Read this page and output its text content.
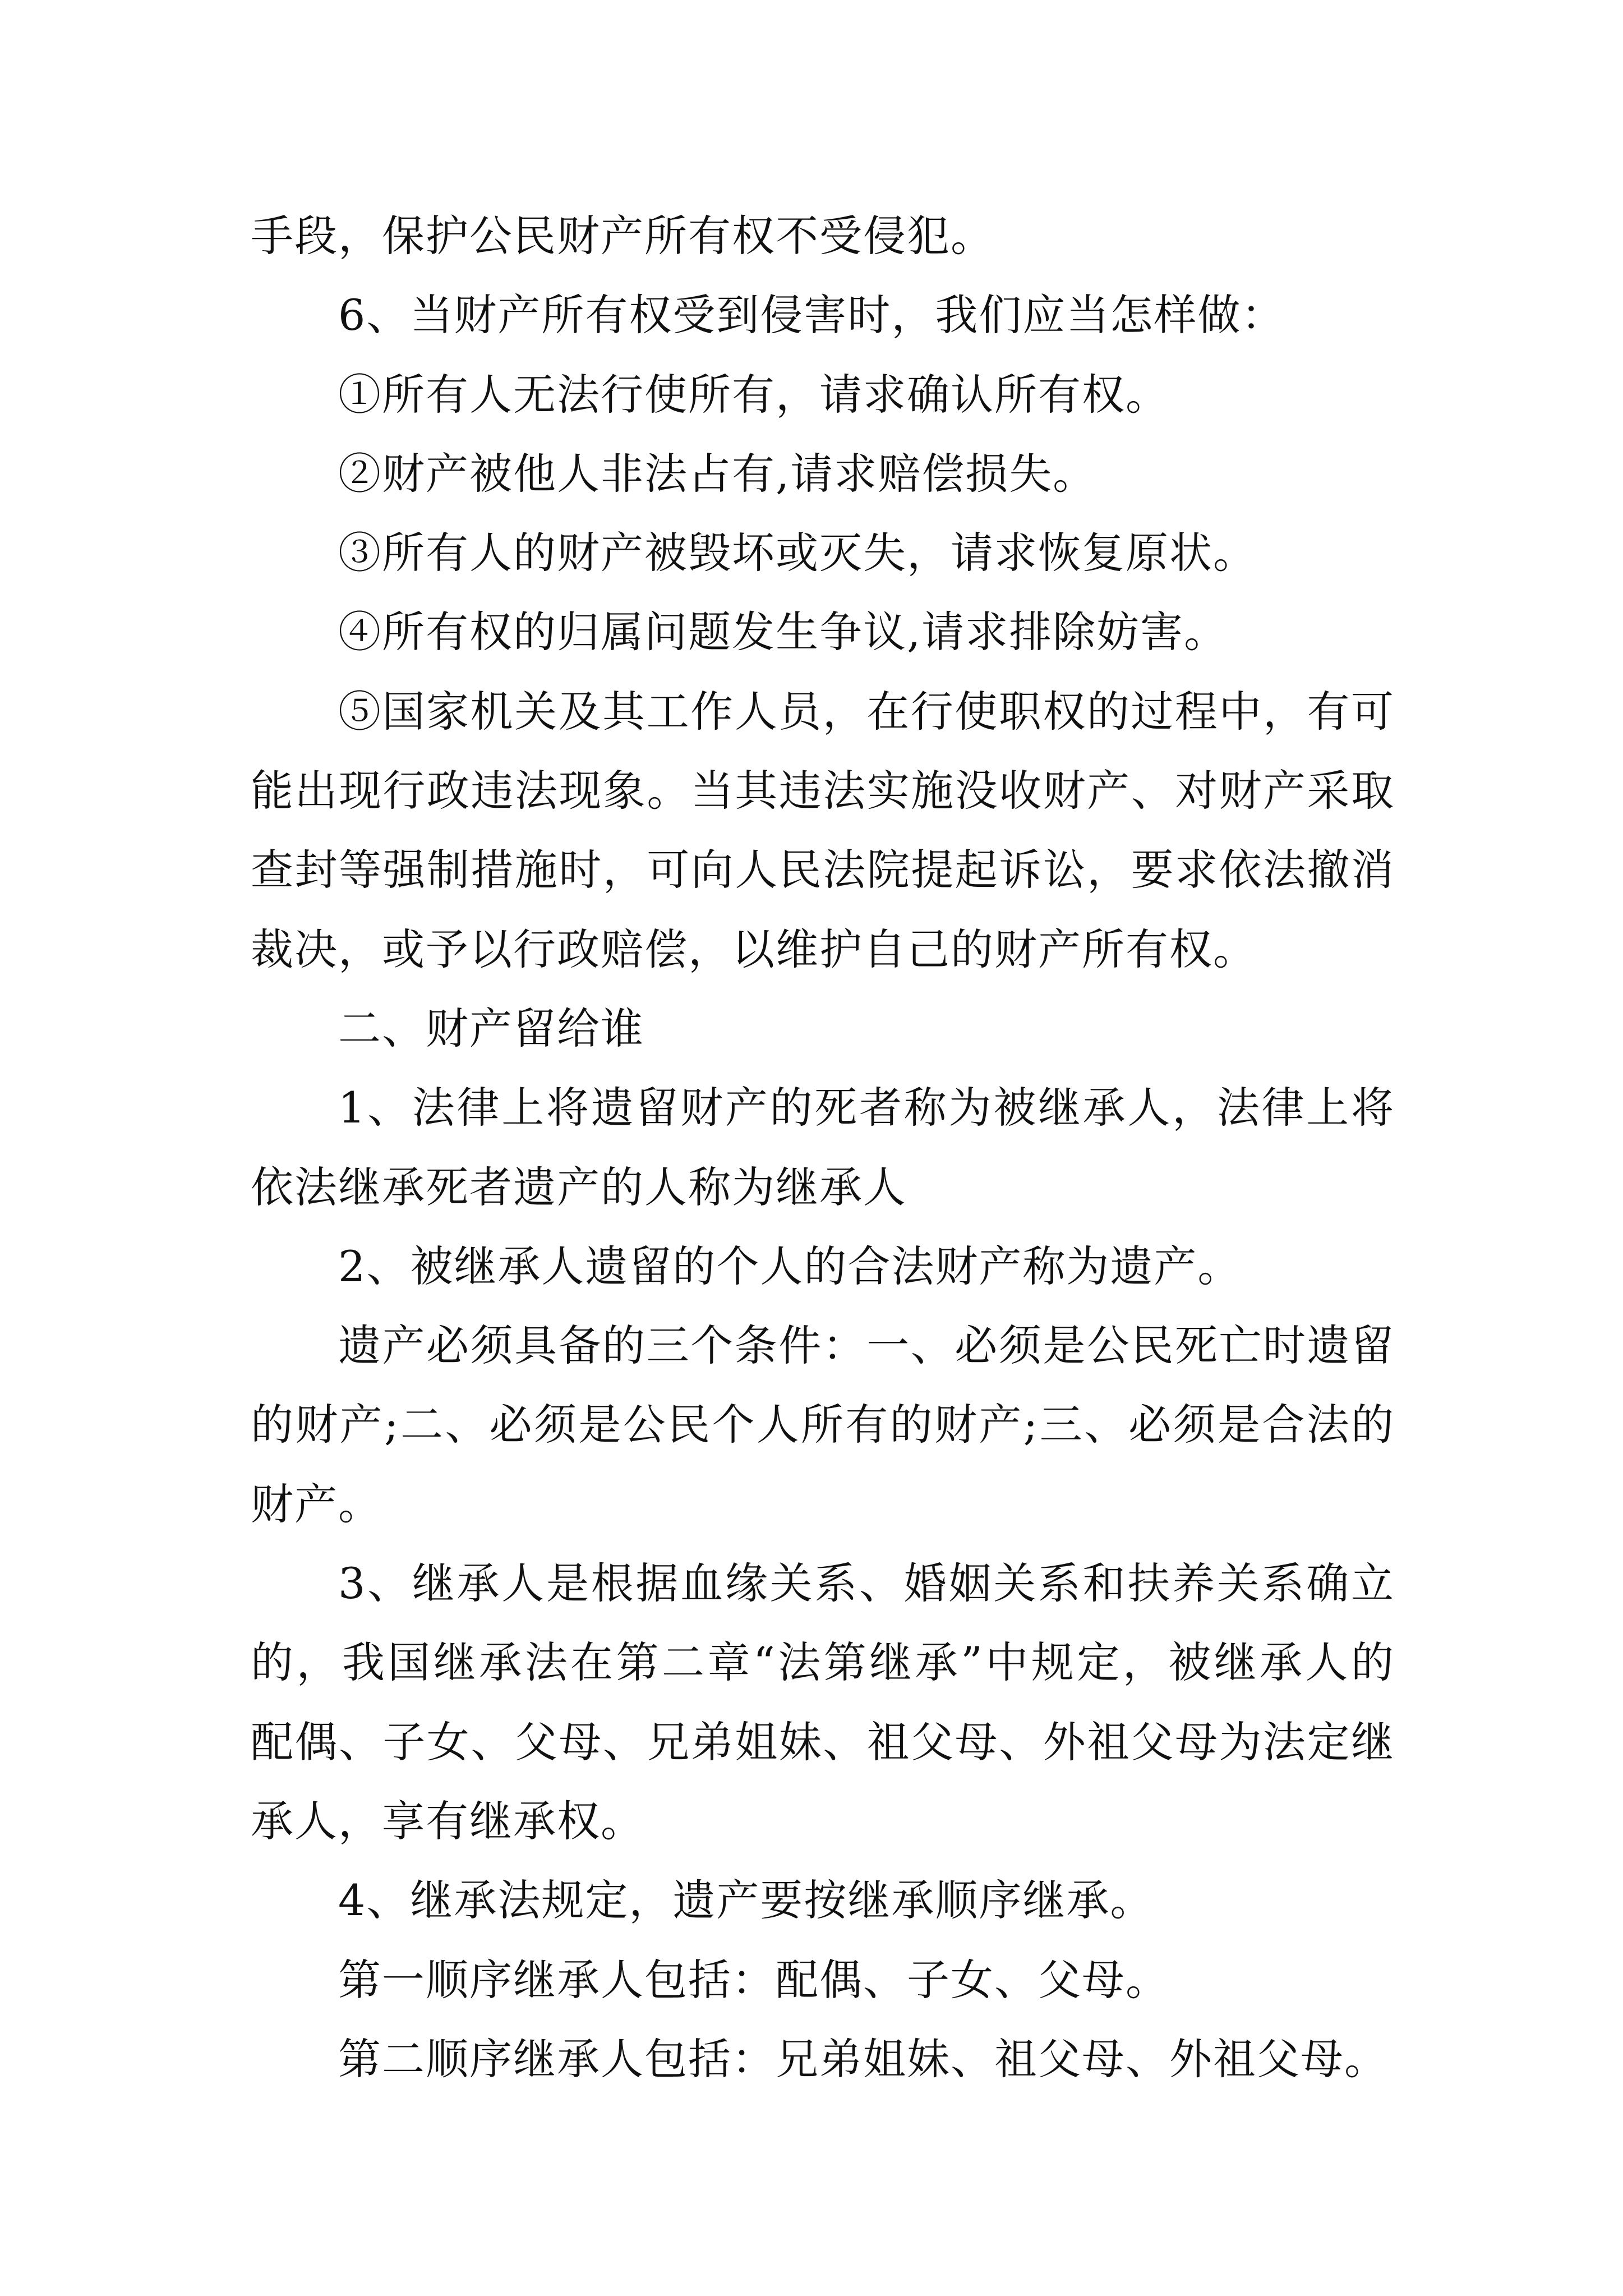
手段，保护公民财产所有权不受侵犯。
6、当财产所有权受到侵害时，我们应当怎样做：
①所有人无法行使所有，请求确认所有权。
②财产被他人非法占有,请求赔偿损失。
③所有人的财产被毁坏或灭失，请求恢复原状。
④所有权的归属问题发生争议,请求排除妨害。
⑤国家机关及其工作人员，在行使职权的过程中，有可
能出现行政违法现象。当其违法实施没收财产、对财产采取
查封等强制措施时，可向人民法院提起诉讼，要求依法撤消
裁决，或予以行政赔偿，以维护自己的财产所有权。
二、财产留给谁
1、法律上将遗留财产的死者称为被继承人，法律上将
依法继承死者遗产的人称为继承人
2、被继承人遗留的个人的合法财产称为遗产。
遗产必须具备的三个条件：一、必须是公民死亡时遗留
的财产;二、必须是公民个人所有的财产;三、必须是合法的
财产。
3、继承人是根据血缘关系、婚姻关系和扶养关系确立
的，我国继承法在第二章“法第继承”中规定，被继承人的
配偶、子女、父母、兄弟姐妹、祖父母、外祖父母为法定继
承人，享有继承权。
4、继承法规定，遗产要按继承顺序继承。
第一顺序继承人包括：配偶、子女、父母。
第二顺序继承人包括：兄弟姐妹、祖父母、外祖父母。
